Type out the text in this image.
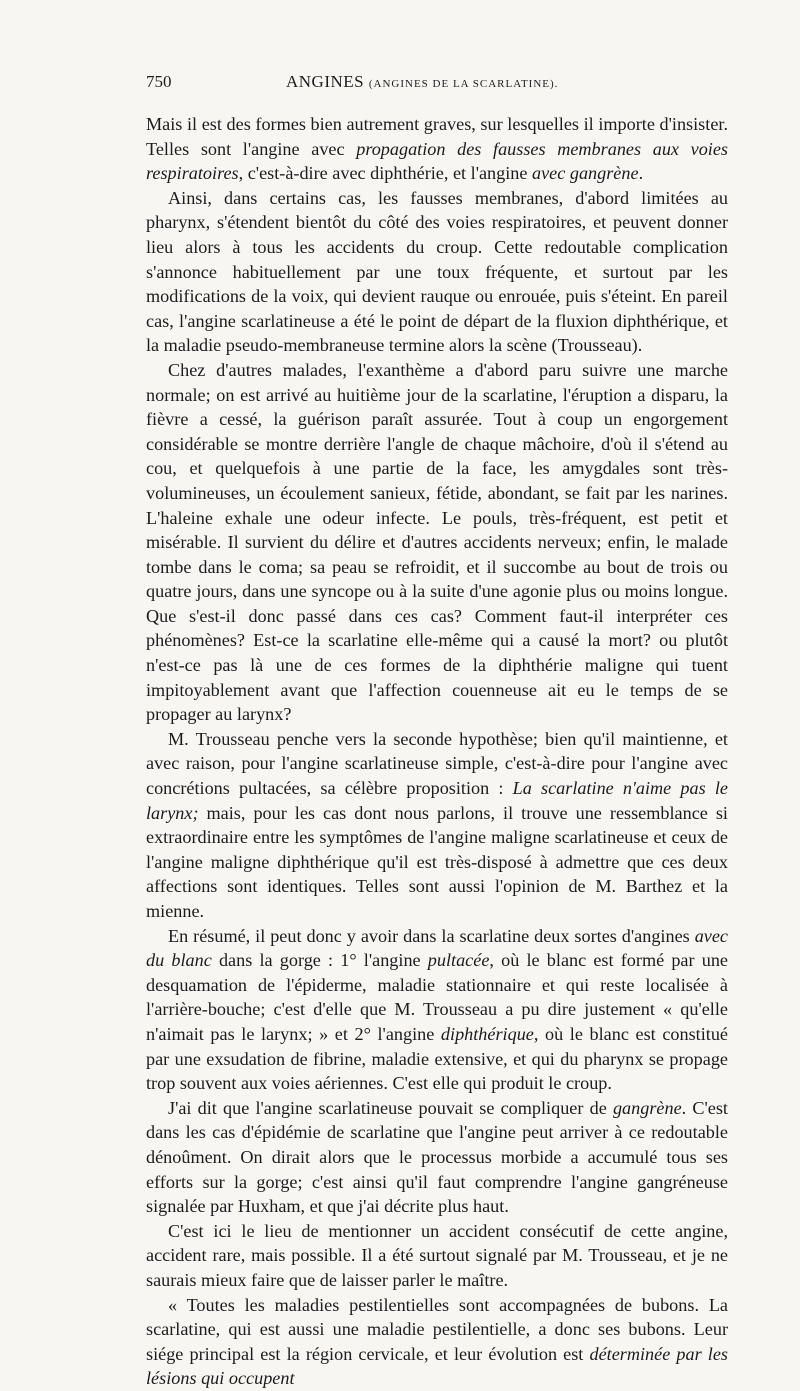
750	ANGINES (ANGINES DE LA SCARLATINE).

Mais il est des formes bien autrement graves, sur lesquelles il importe d'insister. Telles sont l'angine avec propagation des fausses membranes aux voies respiratoires, c'est-à-dire avec diphthérie, et l'angine avec gangrène.

Ainsi, dans certains cas, les fausses membranes, d'abord limitées au pharynx, s'étendent bientôt du côté des voies respiratoires, et peuvent donner lieu alors à tous les accidents du croup. Cette redoutable complication s'annonce habituellement par une toux fréquente, et surtout par les modifications de la voix, qui devient rauque ou enrouée, puis s'éteint. En pareil cas, l'angine scarlatineuse a été le point de départ de la fluxion diphthérique, et la maladie pseudo-membraneuse termine alors la scène (Trousseau).

Chez d'autres malades, l'exanthème a d'abord paru suivre une marche normale; on est arrivé au huitième jour de la scarlatine, l'éruption a disparu, la fièvre a cessé, la guérison paraît assurée. Tout à coup un engorgement considérable se montre derrière l'angle de chaque mâchoire, d'où il s'étend au cou, et quelquefois à une partie de la face, les amygdales sont très-volumineuses, un écoulement sanieux, fétide, abondant, se fait par les narines. L'haleine exhale une odeur infecte. Le pouls, très-fréquent, est petit et misérable. Il survient du délire et d'autres accidents nerveux; enfin, le malade tombe dans le coma; sa peau se refroidit, et il succombe au bout de trois ou quatre jours, dans une syncope ou à la suite d'une agonie plus ou moins longue. Que s'est-il donc passé dans ces cas? Comment faut-il interpréter ces phénomènes? Est-ce la scarlatine elle-même qui a causé la mort? ou plutôt n'est-ce pas là une de ces formes de la diphthérie maligne qui tuent impitoyablement avant que l'affection couenneuse ait eu le temps de se propager au larynx?

M. Trousseau penche vers la seconde hypothèse; bien qu'il maintienne, et avec raison, pour l'angine scarlatineuse simple, c'est-à-dire pour l'angine avec concrétions pultacées, sa célèbre proposition : La scarlatine n'aime pas le larynx; mais, pour les cas dont nous parlons, il trouve une ressemblance si extraordinaire entre les symptômes de l'angine maligne scarlatineuse et ceux de l'angine maligne diphthérique qu'il est très-disposé à admettre que ces deux affections sont identiques. Telles sont aussi l'opinion de M. Barthez et la mienne.

En résumé, il peut donc y avoir dans la scarlatine deux sortes d'angines avec du blanc dans la gorge : 1° l'angine pultacée, où le blanc est formé par une desquamation de l'épiderme, maladie stationnaire et qui reste localisée à l'arrière-bouche; c'est d'elle que M. Trousseau a pu dire justement « qu'elle n'aimait pas le larynx; » et 2° l'angine diphthérique, où le blanc est constitué par une exsudation de fibrine, maladie extensive, et qui du pharynx se propage trop souvent aux voies aériennes. C'est elle qui produit le croup.

J'ai dit que l'angine scarlatineuse pouvait se compliquer de gangrène. C'est dans les cas d'épidémie de scarlatine que l'angine peut arriver à ce redoutable dénoûment. On dirait alors que le processus morbide a accumulé tous ses efforts sur la gorge; c'est ainsi qu'il faut comprendre l'angine gangréneuse signalée par Huxham, et que j'ai décrite plus haut.

C'est ici le lieu de mentionner un accident consécutif de cette angine, accident rare, mais possible. Il a été surtout signalé par M. Trousseau, et je ne saurais mieux faire que de laisser parler le maître.

« Toutes les maladies pestilentielles sont accompagnées de bubons. La scarlatine, qui est aussi une maladie pestilentielle, a donc ses bubons. Leur siége principal est la région cervicale, et leur évolution est déterminée par les lésions qui occupent
